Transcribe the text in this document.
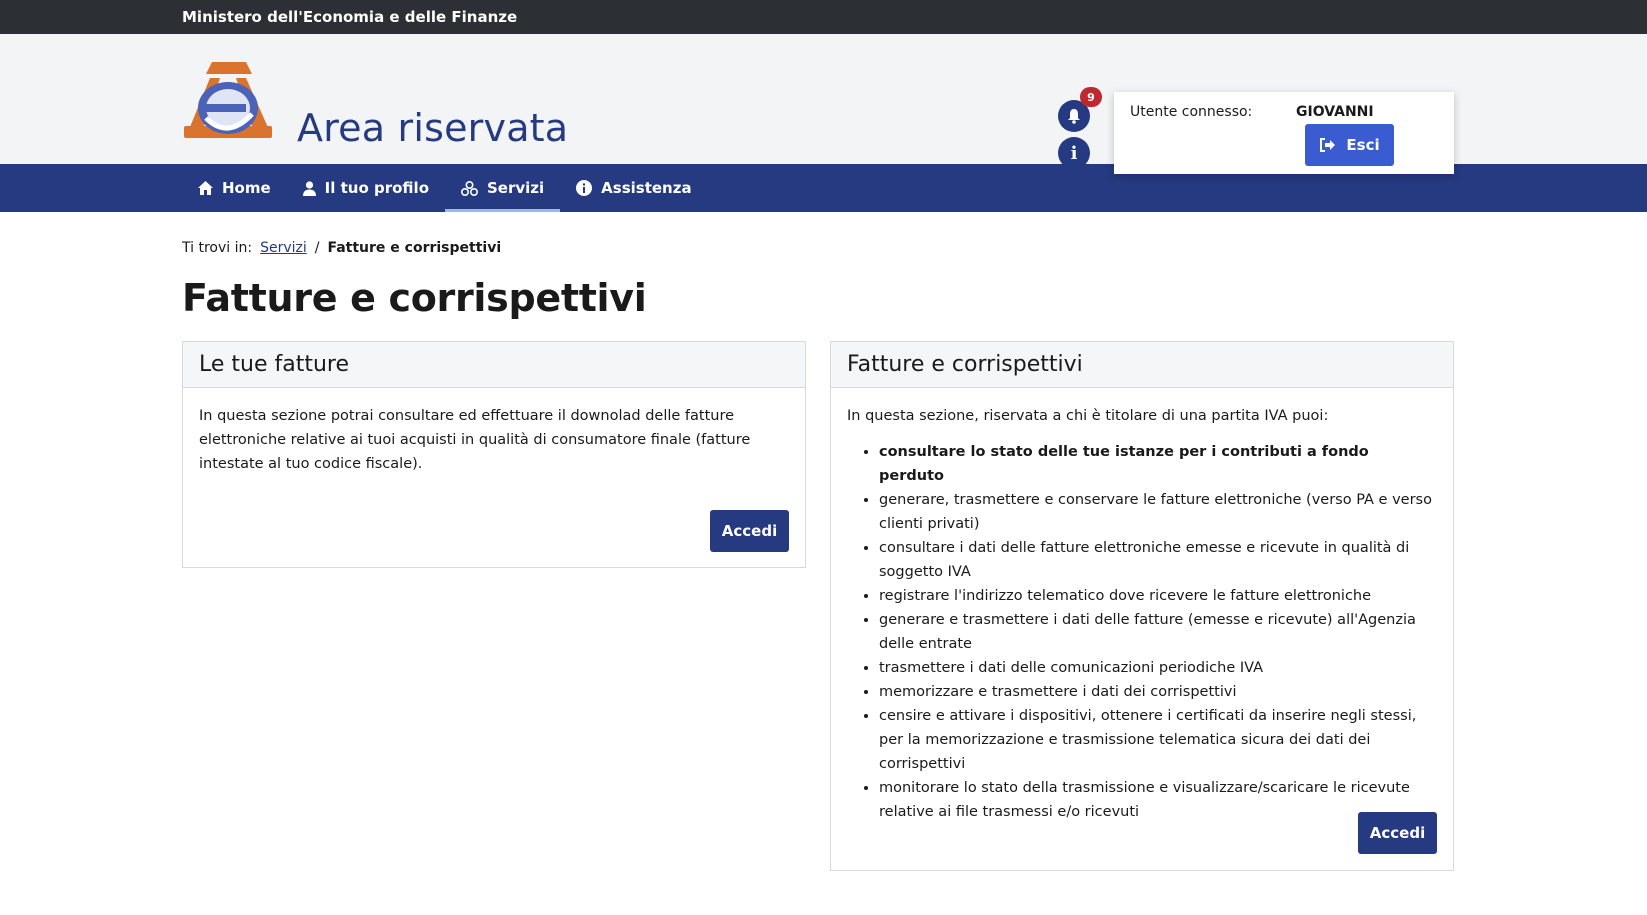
Ministero dell'Economia e delle Finanze
Area riservata
9
i
Utente connesso:	GIOVANNI
Esci
Home	Il tuo profilo	Servizi	Assistenza
Ti trovi in: Servizi / Fatture e corrispettivi
Fatture e corrispettivi
Le tue fatture
In questa sezione potrai consultare ed effettuare il downolad delle fatture elettroniche relative ai tuoi acquisti in qualità di consumatore finale (fatture intestate al tuo codice fiscale).
Accedi
Fatture e corrispettivi

In questa sezione, riservata a chi è titolare di una partita IVA puoi:

• consultare lo stato delle tue istanze per i contributi a fondo perduto
• generare, trasmettere e conservare le fatture elettroniche (verso PA e verso clienti privati)
• consultare i dati delle fatture elettroniche emesse e ricevute in qualità di soggetto IVA
• registrare l'indirizzo telematico dove ricevere le fatture elettroniche
• generare e trasmettere i dati delle fatture (emesse e ricevute) all'Agenzia delle entrate
• trasmettere i dati delle comunicazioni periodiche IVA
• memorizzare e trasmettere i dati dei corrispettivi
• censire e attivare i dispositivi, ottenere i certificati da inserire negli stessi, per la memorizzazione e trasmissione telematica sicura dei dati dei corrispettivi
• monitorare lo stato della trasmissione e visualizzare/scaricare le ricevute relative ai file trasmessi e/o ricevuti
Accedi
